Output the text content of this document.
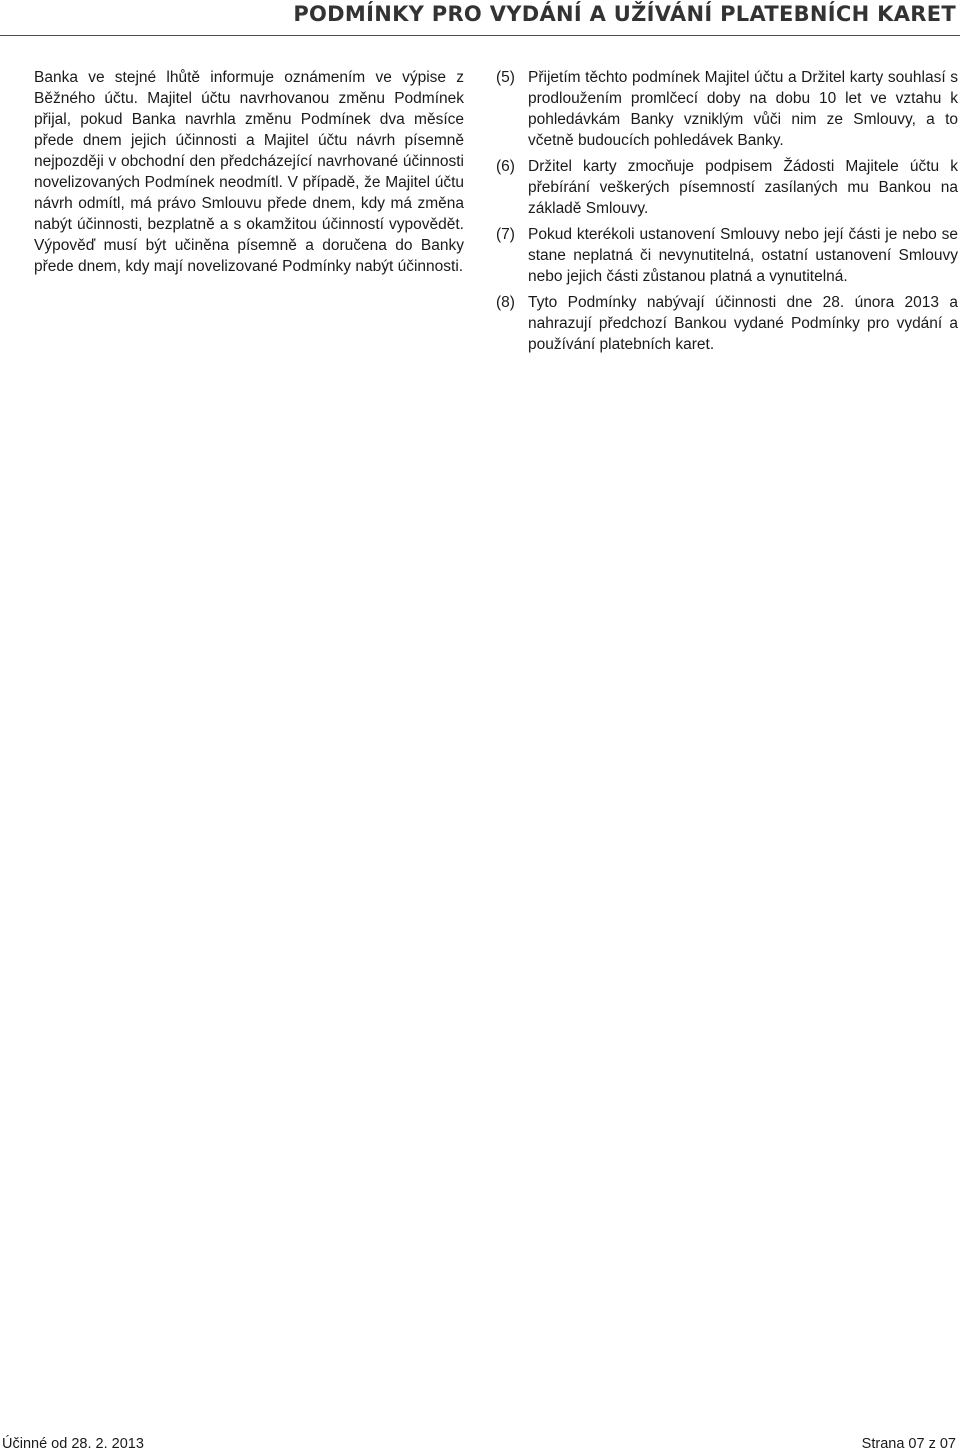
PODMÍNKY PRO VYDÁNÍ A UŽÍVÁNÍ PLATEBNÍCH KARET

Banka ve stejné lhůtě informuje oznámením ve výpise z Běžného účtu. Majitel účtu navrhovanou změnu Podmínek přijal, pokud Banka navrhla změnu Podmínek dva měsíce přede dnem jejich účinnosti a Majitel účtu návrh písemně nejpozději v obchodní den předcházející navrhované účinnosti novelizovaných Podmínek neodmítl. V případě, že Majitel účtu návrh odmítl, má právo Smlouvu přede dnem, kdy má změna nabýt účinnosti, bezplatně a s okamžitou účinností vypovědět. Výpověď musí být učiněna písemně a doručena do Banky přede dnem, kdy mají novelizované Podmínky nabýt účinnosti.

(5) Přijetím těchto podmínek Majitel účtu a Držitel karty souhlasí s prodloužením promlčecí doby na dobu 10 let ve vztahu k pohledávkám Banky vzniklým vůči nim ze Smlouvy, a to včetně budoucích pohledávek Banky.
(6) Držitel karty zmocňuje podpisem Žádosti Majitele účtu k přebírání veškerých písemností zasílaných mu Bankou na základě Smlouvy.
(7) Pokud kterékoli ustanovení Smlouvy nebo její části je nebo se stane neplatná či nevynutitelná, ostatní ustanovení Smlouvy nebo jejich části zůstanou platná a vynutitelná.
(8) Tyto Podmínky nabývají účinnosti dne 28. února 2013 a nahrazují předchozí Bankou vydané Podmínky pro vydání a používání platebních karet.
Účinné od 28. 2. 2013	Strana 07 z 07
